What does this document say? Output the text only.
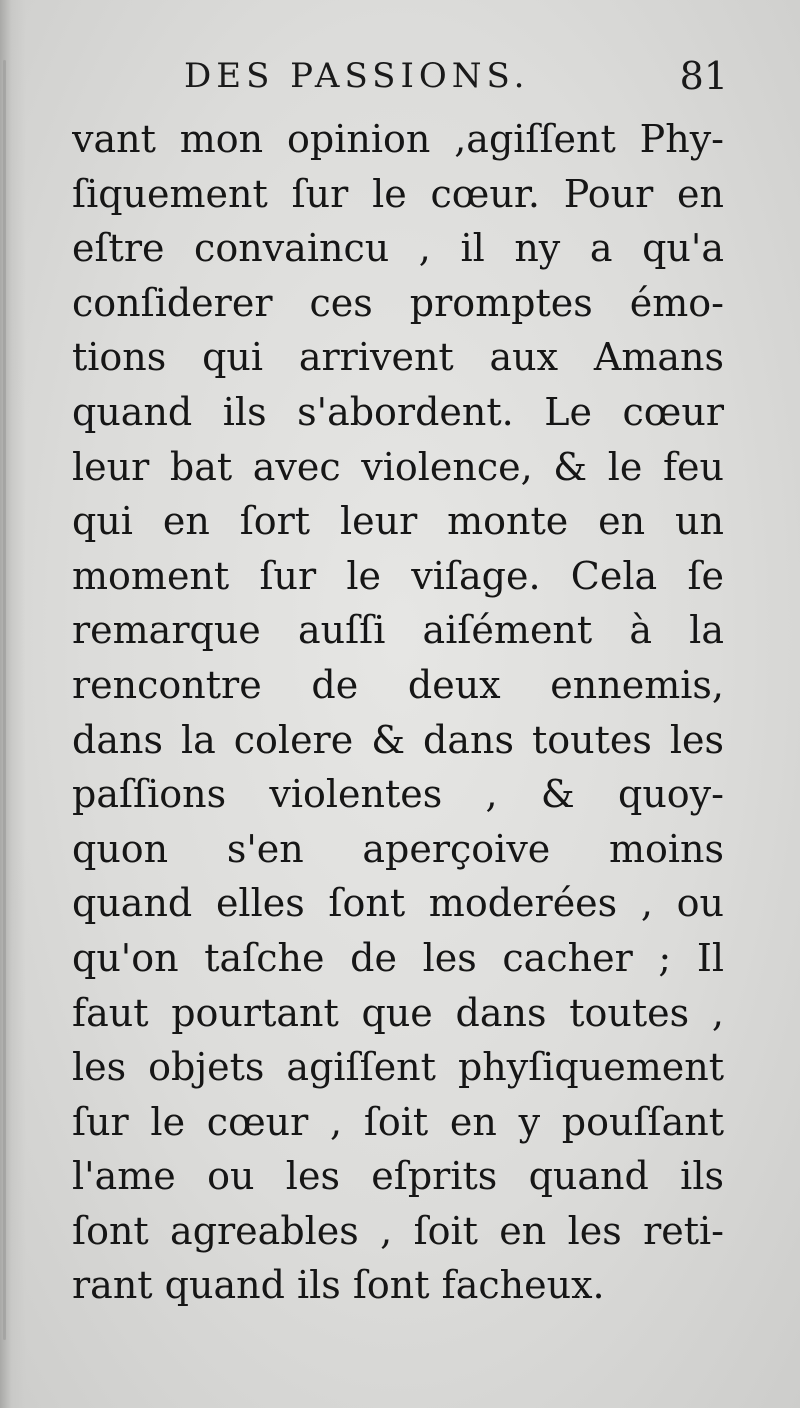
DES PASSIONS.	81
vant mon opinion ,agiſſent Phy-
ſiquement ſur le cœur. Pour en
eſtre convaincu , il ny a qu'a
conſiderer ces promptes émo-
tions qui arrivent aux Amans
quand ils s'abordent. Le cœur
leur bat avec violence, & le feu
qui en ſort leur monte en un
moment ſur le viſage. Cela ſe
remarque auſſi aiſément à la
rencontre de deux ennemis,
dans la colere & dans toutes les
paſſions violentes , & quoy-
quon s'en aperçoive moins
quand elles ſont moderées , ou
qu'on taſche de les cacher ; Il
faut pourtant que dans toutes ,
les objets agiſſent phyſiquement
ſur le cœur , ſoit en y pouſſant
l'ame ou les eſprits quand ils
ſont agreables , ſoit en les reti-
rant quand ils ſont facheux.
